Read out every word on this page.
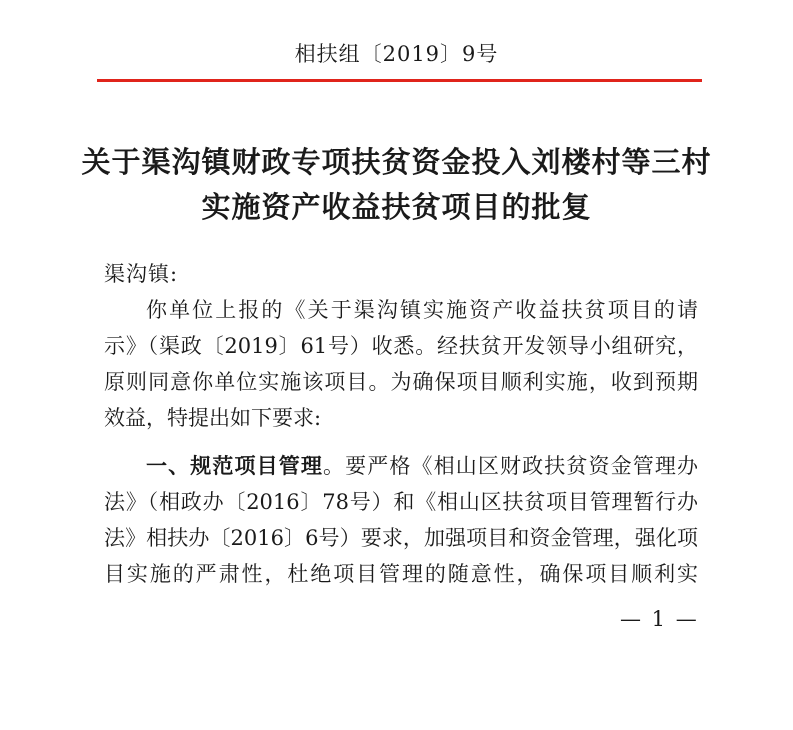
相扶组〔2019〕9号
关于渠沟镇财政专项扶贫资金投入刘楼村等三村
实施资产收益扶贫项目的批复
渠沟镇:
你单位上报的《关于渠沟镇实施资产收益扶贫项目的请
示》（渠政〔2019〕61号）收悉。经扶贫开发领导小组研究，
原则同意你单位实施该项目。为确保项目顺利实施，收到预期
效益，特提出如下要求:
一、规范项目管理。要严格《相山区财政扶贫资金管理办
法》（相政办〔2016〕78号）和《相山区扶贫项目管理暂行办
法》相扶办〔2016〕6号）要求，加强项目和资金管理，强化项
目实施的严肃性，杜绝项目管理的随意性，确保项目顺利实
— 1 —
